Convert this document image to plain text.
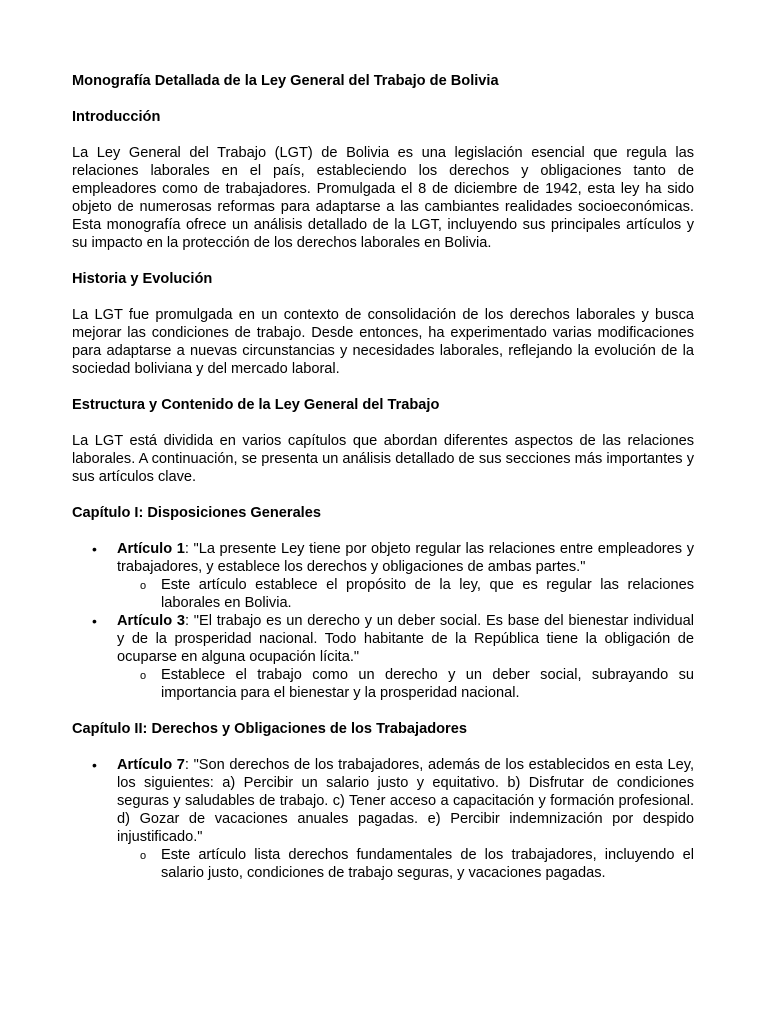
Monografía Detallada de la Ley General del Trabajo de Bolivia

Introducción

La Ley General del Trabajo (LGT) de Bolivia es una legislación esencial que regula las relaciones laborales en el país, estableciendo los derechos y obligaciones tanto de empleadores como de trabajadores. Promulgada el 8 de diciembre de 1942, esta ley ha sido objeto de numerosas reformas para adaptarse a las cambiantes realidades socioeconómicas. Esta monografía ofrece un análisis detallado de la LGT, incluyendo sus principales artículos y su impacto en la protección de los derechos laborales en Bolivia.

Historia y Evolución

La LGT fue promulgada en un contexto de consolidación de los derechos laborales y busca mejorar las condiciones de trabajo. Desde entonces, ha experimentado varias modificaciones para adaptarse a nuevas circunstancias y necesidades laborales, reflejando la evolución de la sociedad boliviana y del mercado laboral.

Estructura y Contenido de la Ley General del Trabajo

La LGT está dividida en varios capítulos que abordan diferentes aspectos de las relaciones laborales. A continuación, se presenta un análisis detallado de sus secciones más importantes y sus artículos clave.

Capítulo I: Disposiciones Generales

• Artículo 1: "La presente Ley tiene por objeto regular las relaciones entre empleadores y trabajadores, y establece los derechos y obligaciones de ambas partes."
o Este artículo establece el propósito de la ley, que es regular las relaciones laborales en Bolivia.
• Artículo 3: "El trabajo es un derecho y un deber social. Es base del bienestar individual y de la prosperidad nacional. Todo habitante de la República tiene la obligación de ocuparse en alguna ocupación lícita."
o Establece el trabajo como un derecho y un deber social, subrayando su importancia para el bienestar y la prosperidad nacional.

Capítulo II: Derechos y Obligaciones de los Trabajadores

• Artículo 7: "Son derechos de los trabajadores, además de los establecidos en esta Ley, los siguientes: a) Percibir un salario justo y equitativo. b) Disfrutar de condiciones seguras y saludables de trabajo. c) Tener acceso a capacitación y formación profesional. d) Gozar de vacaciones anuales pagadas. e) Percibir indemnización por despido injustificado."
o Este artículo lista derechos fundamentales de los trabajadores, incluyendo el salario justo, condiciones de trabajo seguras, y vacaciones pagadas.
